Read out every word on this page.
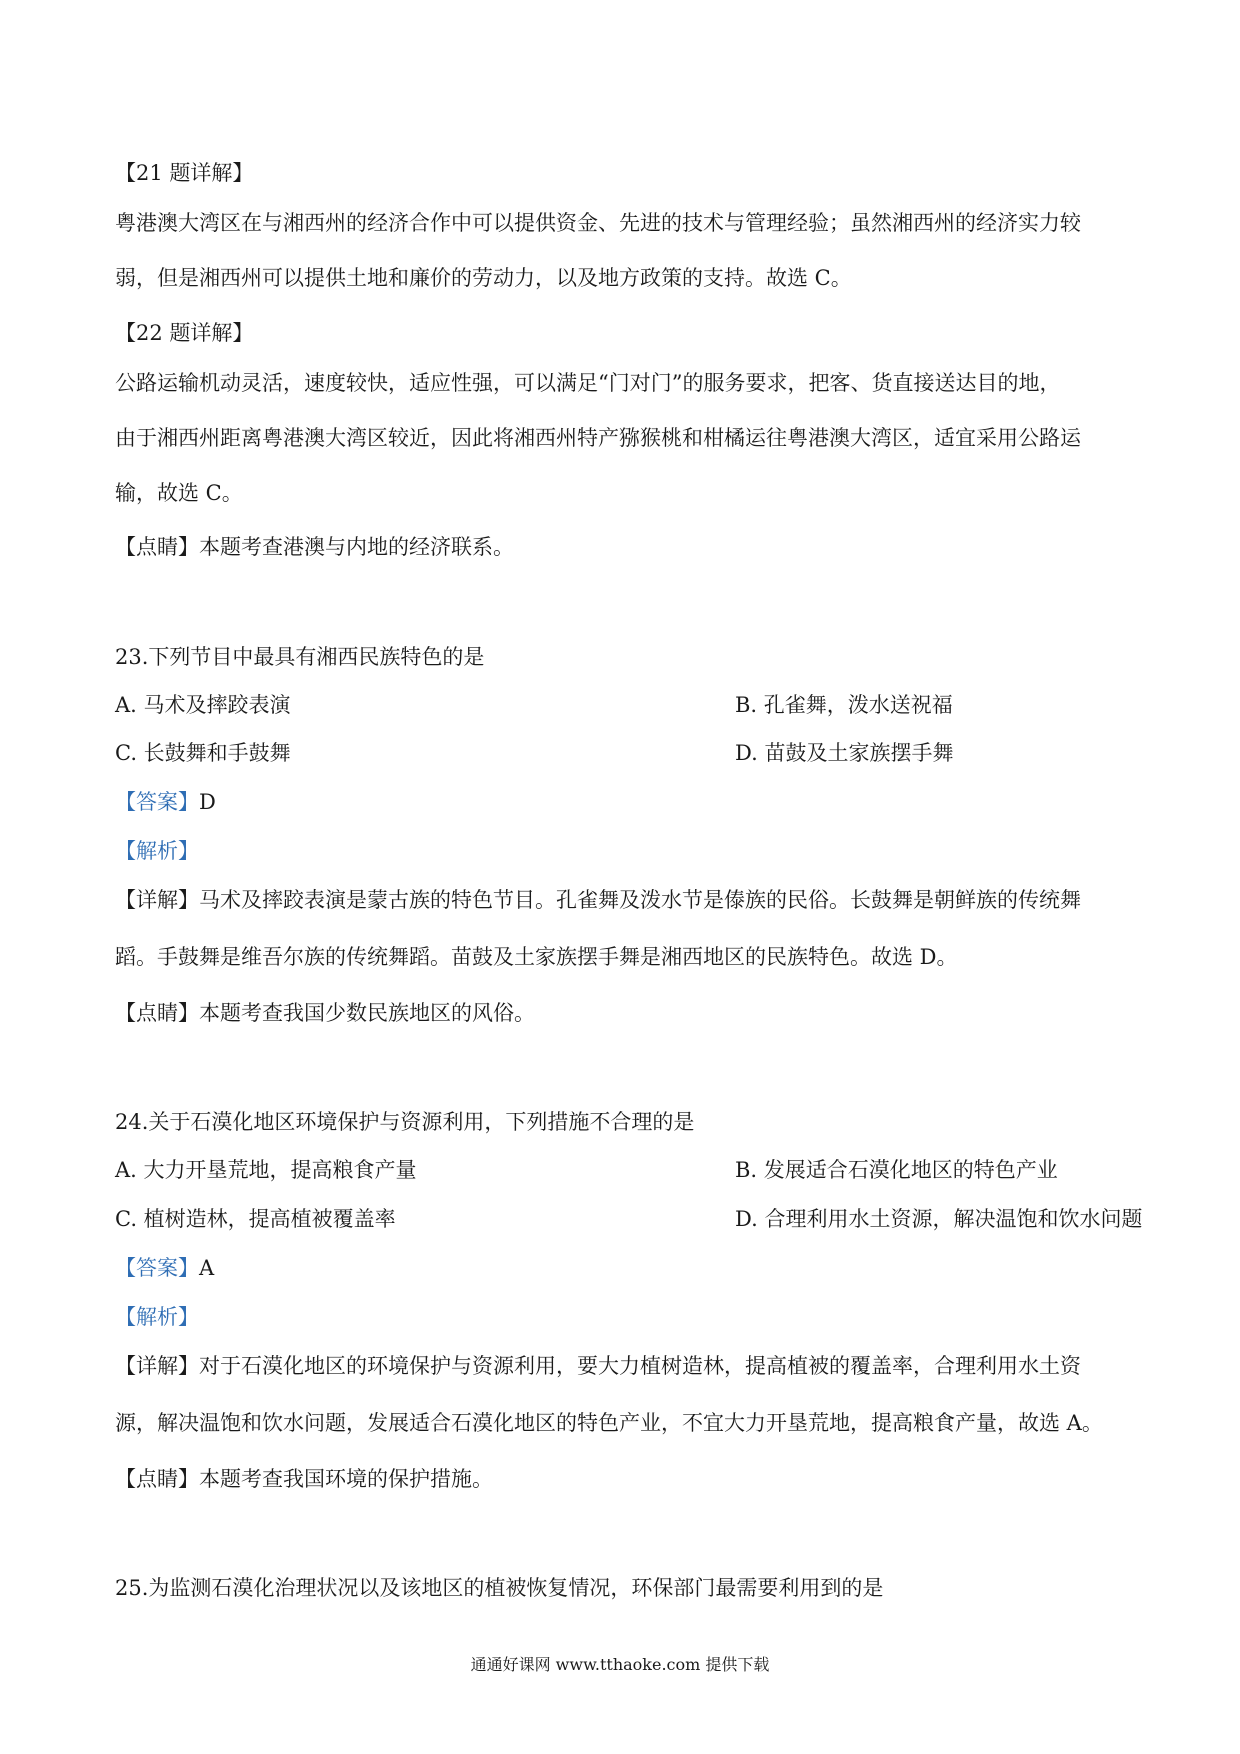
【21 题详解】
粤港澳大湾区在与湘西州的经济合作中可以提供资金、先进的技术与管理经验；虽然湘西州的经济实力较
弱，但是湘西州可以提供土地和廉价的劳动力，以及地方政策的支持。故选 C。
【22 题详解】
公路运输机动灵活，速度较快，适应性强，可以满足“门对门”的服务要求，把客、货直接送达目的地，
由于湘西州距离粤港澳大湾区较近，因此将湘西州特产猕猴桃和柑橘运往粤港澳大湾区，适宜采用公路运
输，故选 C。
【点睛】本题考查港澳与内地的经济联系。
23.下列节目中最具有湘西民族特色的是
A. 马术及摔跤表演	B. 孔雀舞，泼水送祝福
C. 长鼓舞和手鼓舞	D. 苗鼓及土家族摆手舞
【答案】D
【解析】
【详解】马术及摔跤表演是蒙古族的特色节目。孔雀舞及泼水节是傣族的民俗。长鼓舞是朝鲜族的传统舞
蹈。手鼓舞是维吾尔族的传统舞蹈。苗鼓及土家族摆手舞是湘西地区的民族特色。故选 D。
【点睛】本题考查我国少数民族地区的风俗。
24.关于石漠化地区环境保护与资源利用，下列措施不合理的是
A. 大力开垦荒地，提高粮食产量	B. 发展适合石漠化地区的特色产业
C. 植树造林，提高植被覆盖率	D. 合理利用水土资源，解决温饱和饮水问题
【答案】A
【解析】
【详解】对于石漠化地区的环境保护与资源利用，要大力植树造林，提高植被的覆盖率，合理利用水土资
源，解决温饱和饮水问题，发展适合石漠化地区的特色产业，不宜大力开垦荒地，提高粮食产量，故选 A。
【点睛】本题考查我国环境的保护措施。
25.为监测石漠化治理状况以及该地区的植被恢复情况，环保部门最需要利用到的是
通通好课网 www.tthaoke.com 提供下载
